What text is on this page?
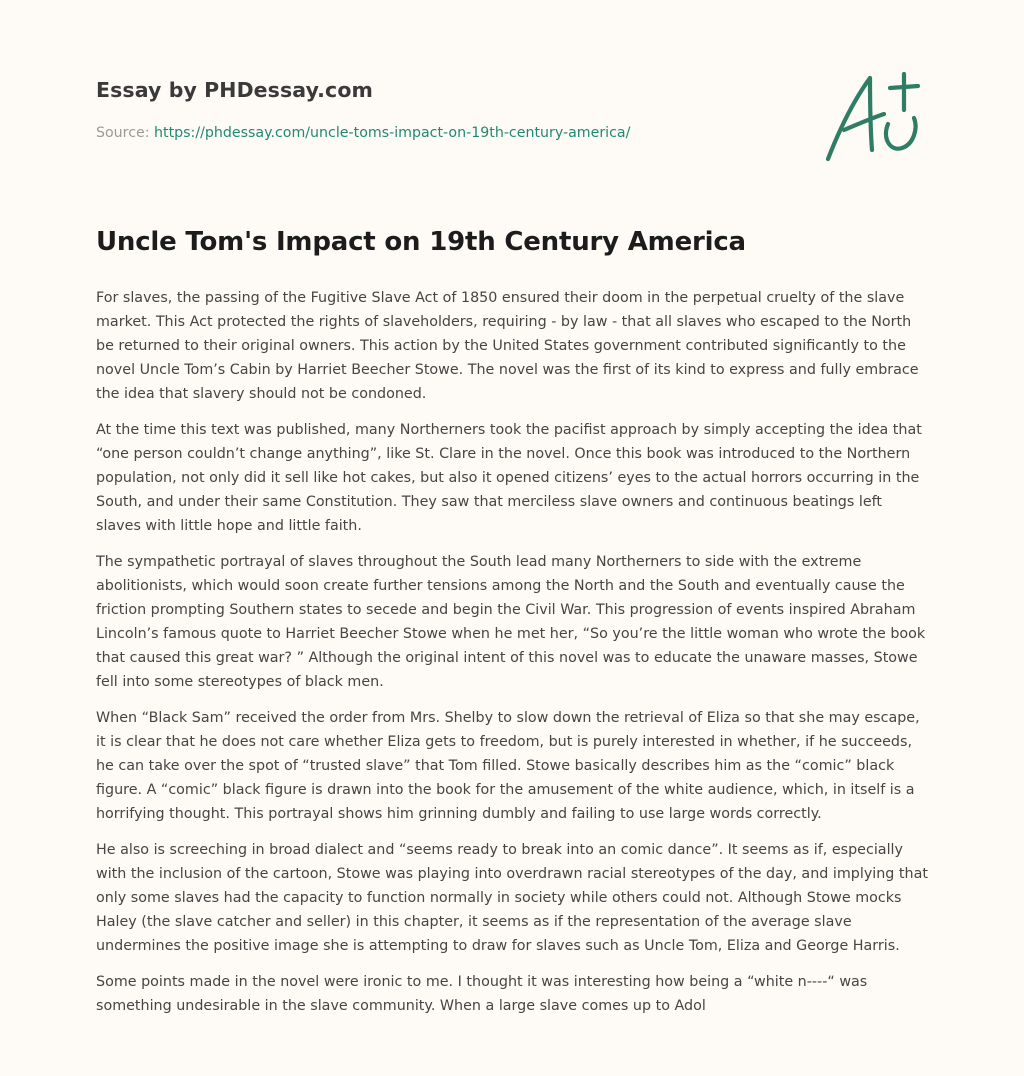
Essay by PHDessay.com

Source: https://phdessay.com/uncle-toms-impact-on-19th-century-america/
Uncle Tom's Impact on 19th Century America

For slaves, the passing of the Fugitive Slave Act of 1850 ensured their doom in the perpetual cruelty of the slave market. This Act protected the rights of slaveholders, requiring - by law - that all slaves who escaped to the North be returned to their original owners. This action by the United States government contributed significantly to the novel Uncle Tom’s Cabin by Harriet Beecher Stowe. The novel was the first of its kind to express and fully embrace the idea that slavery should not be condoned.

At the time this text was published, many Northerners took the pacifist approach by simply accepting the idea that “one person couldn’t change anything”, like St. Clare in the novel. Once this book was introduced to the Northern population, not only did it sell like hot cakes, but also it opened citizens’ eyes to the actual horrors occurring in the South, and under their same Constitution. They saw that merciless slave owners and continuous beatings left slaves with little hope and little faith.

The sympathetic portrayal of slaves throughout the South lead many Northerners to side with the extreme abolitionists, which would soon create further tensions among the North and the South and eventually cause the friction prompting Southern states to secede and begin the Civil War. This progression of events inspired Abraham Lincoln’s famous quote to Harriet Beecher Stowe when he met her, “So you’re the little woman who wrote the book that caused this great war? ” Although the original intent of this novel was to educate the unaware masses, Stowe fell into some stereotypes of black men.

When “Black Sam” received the order from Mrs. Shelby to slow down the retrieval of Eliza so that she may escape, it is clear that he does not care whether Eliza gets to freedom, but is purely interested in whether, if he succeeds, he can take over the spot of “trusted slave” that Tom filled. Stowe basically describes him as the “comic” black figure. A “comic” black figure is drawn into the book for the amusement of the white audience, which, in itself is a horrifying thought. This portrayal shows him grinning dumbly and failing to use large words correctly.

He also is screeching in broad dialect and “seems ready to break into an comic dance”. It seems as if, especially with the inclusion of the cartoon, Stowe was playing into overdrawn racial stereotypes of the day, and implying that only some slaves had the capacity to function normally in society while others could not. Although Stowe mocks Haley (the slave catcher and seller) in this chapter, it seems as if the representation of the average slave undermines the positive image she is attempting to draw for slaves such as Uncle Tom, Eliza and George Harris.

Some points made in the novel were ironic to me. I thought it was interesting how being a “white n----“ was something undesirable in the slave community. When a large slave comes up to Adol
